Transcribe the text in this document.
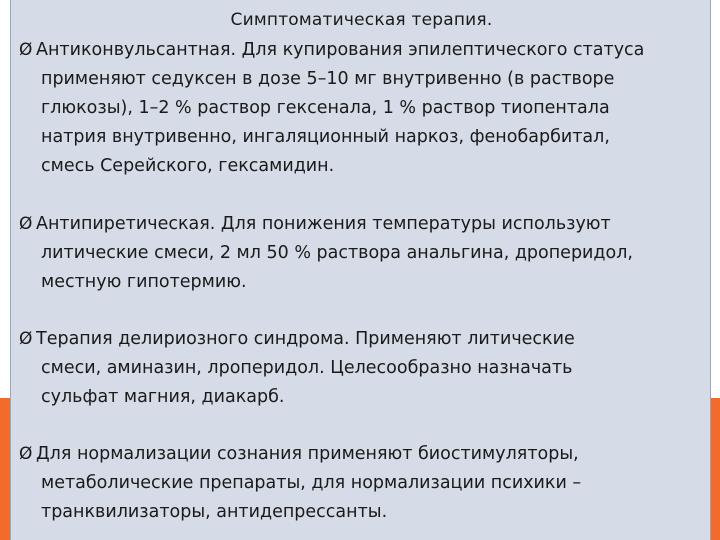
Симптоматическая терапия.
Ø Антиконвульсантная. Для купирования эпилептического статуса
применяют седуксен в дозе 5–10 мг внутривенно (в растворе
глюкозы), 1–2 % раствор гексенала, 1 % раствор тиопентала
натрия внутривенно, ингаляционный наркоз, фенобарбитал,
смесь Серейского, гексамидин.
Ø Антипиретическая. Для понижения температуры используют
литические смеси, 2 мл 50 % раствора анальгина, дроперидол,
местную гипотермию.
Ø Терапия делириозного синдрома. Применяют литические
смеси, аминазин, лроперидол. Целесообразно назначать
сульфат магния, диакарб.
Ø Для нормализации сознания применяют биостимуляторы,
метаболические препараты, для нормализации психики –
транквилизаторы, антидепрессанты.
